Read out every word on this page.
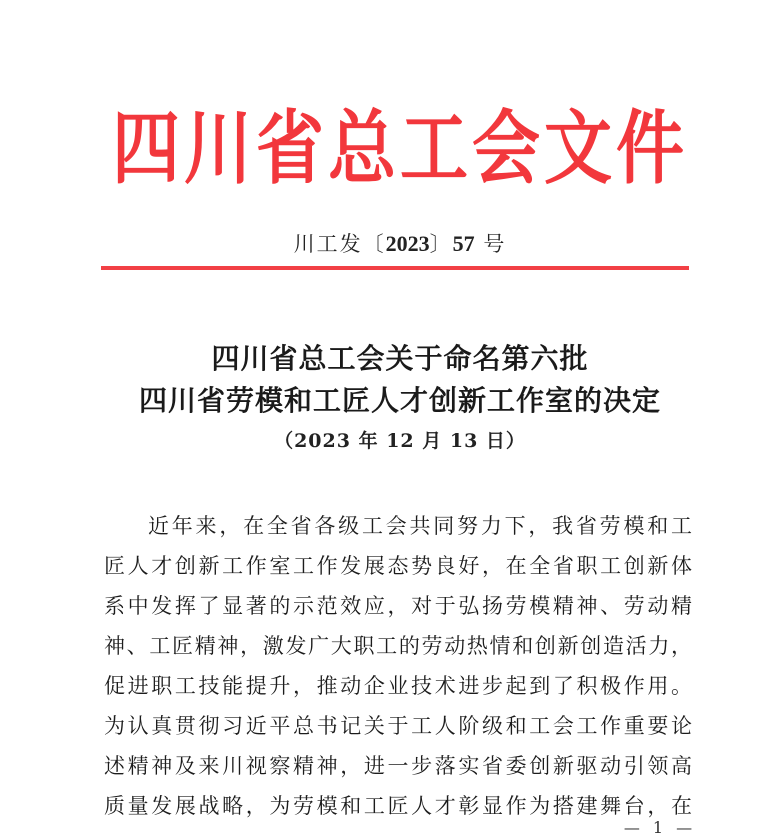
四川省总工会文件
川工发〔2023〕57 号
四川省总工会关于命名第六批
四川省劳模和工匠人才创新工作室的决定
（2023 年 12 月 13 日）
近年来，在全省各级工会共同努力下，我省劳模和工
匠人才创新工作室工作发展态势良好，在全省职工创新体
系中发挥了显著的示范效应，对于弘扬劳模精神、劳动精
神、工匠精神，激发广大职工的劳动热情和创新创造活力，
促进职工技能提升，推动企业技术进步起到了积极作用。
为认真贯彻习近平总书记关于工人阶级和工会工作重要论
述精神及来川视察精神，进一步落实省委创新驱动引领高
质量发展战略，为劳模和工匠人才彰显作为搭建舞台，在
— 1 —
